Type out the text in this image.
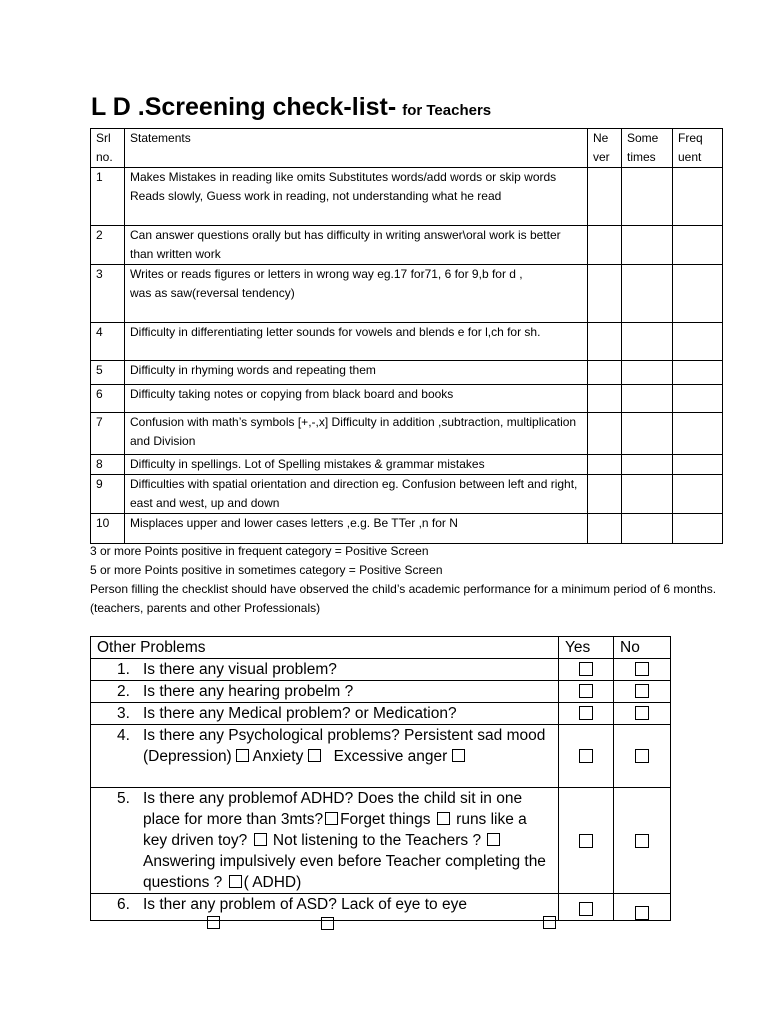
L D .Screening check-list- for Teachers
Srl no.	Statements	Ne ver	Some times	Freq uent
1	Makes Mistakes in reading like omits Substitutes words/add words or skip words Reads slowly, Guess work in reading, not understanding what he read			
2	Can answer questions orally but has difficulty in writing answer\oral work is better than written work			
3	Writes or reads figures or letters in wrong way eg.17 for71, 6 for 9,b for d ,
was as saw(reversal tendency)			
4	Difficulty in differentiating letter sounds for vowels and blends e for l,ch for sh.			
5	Difficulty in rhyming words and repeating them			
6	Difficulty taking notes or copying from black board and books			
7	Confusion with math’s symbols [+,-,x] Difficulty in addition ,subtraction, multiplication and Division			
8	Difficulty in spellings. Lot of Spelling mistakes & grammar mistakes			
9	Difficulties with spatial orientation and direction eg. Confusion between left and right, east and west, up and down			
10	Misplaces upper and lower cases letters ,e.g. Be TTer ,n for N			

3 or more Points positive in frequent category = Positive Screen

5 or more Points positive in sometimes category = Positive Screen

Person filling the checklist should have observed the child’s academic performance for a minimum period of 6 months.(teachers, parents and other Professionals)

Other Problems	Yes	No

1. Is there any visual problem?		

2. Is there any hearing probelm ?		

3. Is there any Medical problem? or Medication?		

4. Is there any Psychological problems? Persistent sad mood (Depression) Anxiety Excessive anger		

5. Is there any problemof ADHD? Does the child sit in one place for more than 3mts? Forget things runs like a key driven toy? Not listening to the Teachers ?  Answering impulsively even before Teacher completing the questions ? ( ADHD)		

6. Is ther any problem of ASD? Lack of eye to eye		
